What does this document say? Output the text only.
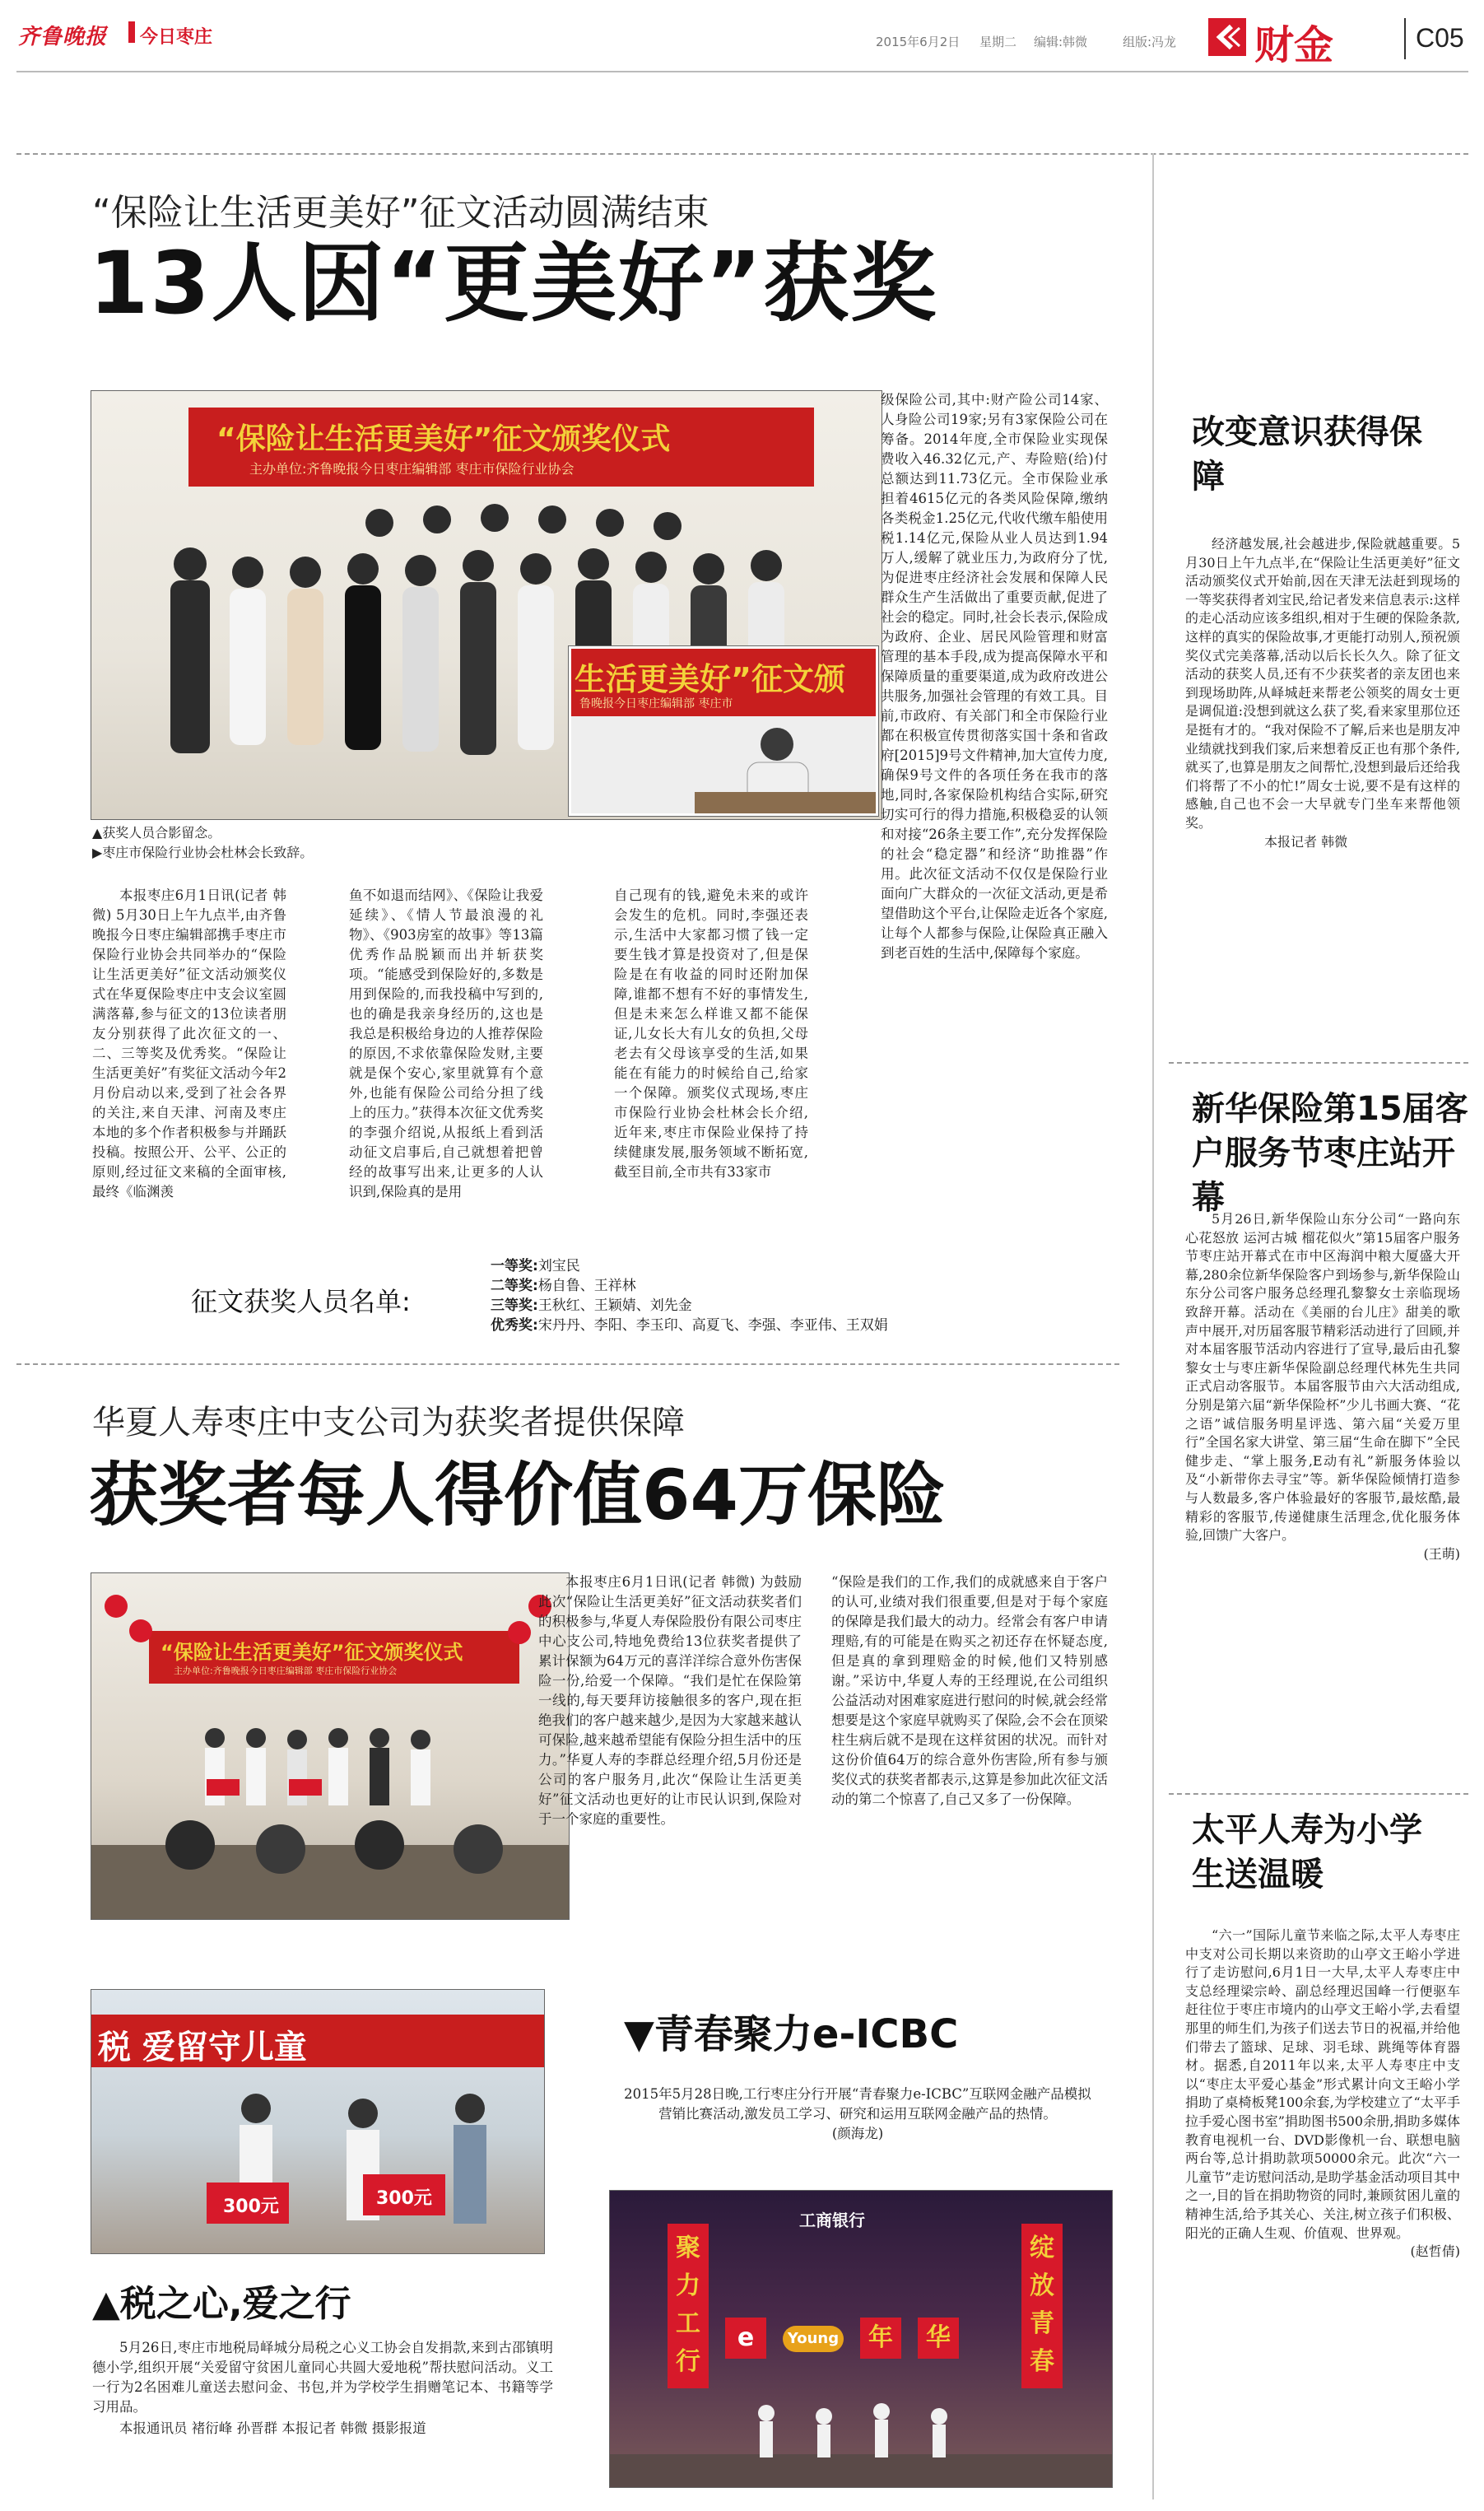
齐鲁晚报 今日枣庄	2015年6月2日 星期二 编辑:韩微	组版:冯龙 财金	C05
“保险让生活更美好”征文活动圆满结束
13人因“更美好”获奖
“保险让生活更美好”征文颁奖仪式
主办单位:齐鲁晚报今日枣庄编辑部 枣庄市保险行业协会
生活更美好”征文颁
鲁晚报今日枣庄编辑部 枣庄市
▲获奖人员合影留念。
▶枣庄市保险行业协会杜林会长致辞。

本报枣庄6月1日讯(记者 韩微) 5月30日上午九点半,由齐鲁晚报今日枣庄编辑部携手枣庄市保险行业协会共同举办的“保险让生活更美好”征文活动颁奖仪式在华夏保险枣庄中支会议室圆满落幕,参与征文的13位读者朋友分别获得了此次征文的一、二、三等奖及优秀奖。“保险让生活更美好”有奖征文活动今年2月份启动以来,受到了社会各界的关注,来自天津、河南及枣庄本地的多个作者积极参与并踊跃投稿。按照公开、公平、公正的原则,经过征文来稿的全面审核,最终《临渊羡

鱼不如退而结网》、《保险让我爱延续》、《情人节最浪漫的礼物》、《903房室的故事》等13篇优秀作品脱颖而出并斩获奖项。“能感受到保险好的,多数是用到保险的,而我投稿中写到的,也的确是我亲身经历的,这也是我总是积极给身边的人推荐保险的原因,不求依靠保险发财,主要就是保个安心,家里就算有个意外,也能有保险公司给分担了线上的压力。”获得本次征文优秀奖的李强介绍说,从报纸上看到活动征文启事后,自己就想着把曾经的故事写出来,让更多的人认识到,保险真的是用

自己现有的钱,避免未来的或许会发生的危机。同时,李强还表示,生活中大家都习惯了钱一定要生钱才算是投资对了,但是保险是在有收益的同时还附加保障,谁都不想有不好的事情发生,但是未来怎么样谁又都不能保证,儿女长大有儿女的负担,父母老去有父母该享受的生活,如果能在有能力的时候给自己,给家一个保障。颁奖仪式现场,枣庄市保险行业协会杜林会长介绍,近年来,枣庄市保险业保持了持续健康发展,服务领域不断拓宽,截至目前,全市共有33家市

级保险公司,其中:财产险公司14家、人身险公司19家;另有3家保险公司在筹备。2014年度,全市保险业实现保费收入46.32亿元,产、寿险赔(给)付总额达到11.73亿元。全市保险业承担着4615亿元的各类风险保障,缴纳各类税金1.25亿元,代收代缴车船使用税1.14亿元,保险从业人员达到1.94万人,缓解了就业压力,为政府分了忧,为促进枣庄经济社会发展和保障人民群众生产生活做出了重要贡献,促进了社会的稳定。同时,社会长表示,保险成为政府、企业、居民风险管理和财富管理的基本手段,成为提高保障水平和保障质量的重要渠道,成为政府改进公共服务,加强社会管理的有效工具。目前,市政府、有关部门和全市保险行业都在积极宣传贯彻落实国十条和省政府[2015]9号文件精神,加大宣传力度,确保9号文件的各项任务在我市的落地,同时,各家保险机构结合实际,研究切实可行的得力措施,积极稳妥的认领和对接“26条主要工作”,充分发挥保险的社会“稳定器”和经济“助推器”作用。此次征文活动不仅仅是保险行业面向广大群众的一次征文活动,更是希望借助这个平台,让保险走近各个家庭,让每个人都参与保险,让保险真正融入到老百姓的生活中,保障每个家庭。

征文获奖人员名单:
一等奖:刘宝民
二等奖:杨自鲁、王祥林
三等奖:王秋红、王颖婧、刘先金
优秀奖:宋丹丹、李阳、李玉印、高夏飞、李强、李亚伟、王双娟
华夏人寿枣庄中支公司为获奖者提供保障
获奖者每人得价值64万保险
“保险让生活更美好”征文颁奖仪式
主办单位:齐鲁晚报今日枣庄编辑部 枣庄市保险行业协会

本报枣庄6月1日讯(记者 韩微) 为鼓励此次“保险让生活更美好”征文活动获奖者们的积极参与,华夏人寿保险股份有限公司枣庄中心支公司,特地免费给13位获奖者提供了累计保额为64万元的喜洋洋综合意外伤害保险一份,给爱一个保障。“我们是忙在保险第一线的,每天要拜访接触很多的客户,现在拒绝我们的客户越来越少,是因为大家越来越认可保险,越来越希望能有保险分担生活中的压力。”华夏人寿的李群总经理介绍,5月份还是公司的客户服务月,此次“保险让生活更美好”征文活动也更好的让市民认识到,保险对于一个家庭的重要性。

“保险是我们的工作,我们的成就感来自于客户的认可,业绩对我们很重要,但是对于每个家庭的保障是我们最大的动力。经常会有客户申请理赔,有的可能是在购买之初还存在怀疑态度,但是真的拿到理赔金的时候,他们又特别感谢。”采访中,华夏人寿的王经理说,在公司组织公益活动对困难家庭进行慰问的时候,就会经常想要是这个家庭早就购买了保险,会不会在顶梁柱生病后就不是现在这样贫困的状况。而针对这份价值64万的综合意外伤害险,所有参与颁奖仪式的获奖者都表示,这算是参加此次征文活动的第二个惊喜了,自己又多了一份保障。

税 爱留守儿童
300元	300元
▲税之心,爱之行

5月26日,枣庄市地税局峄城分局税之心义工协会自发捐款,来到古邵镇明德小学,组织开展“关爱留守贫困儿童同心共圆大爱地税”帮扶慰问活动。义工一行为2名困难儿童送去慰问金、书包,并为学校学生捐赠笔记本、书籍等学习用品。

本报通讯员 褚衍峰 孙晋群 本报记者 韩微 摄影报道

▼青春聚力e-ICBC

2015年5月28日晚,工行枣庄分行开展“青春聚力e-ICBC”互联网金融产品模拟营销比赛活动,激发员工学习、研究和运用互联网金融产品的热情。

(颜海龙)

工商银行
聚
力
工
行
e	Young	年	华
绽
放
青
春
改变意识获得保障

经济越发展,社会越进步,保险就越重要。5月30日上午九点半,在“保险让生活更美好”征文活动颁奖仪式开始前,因在天津无法赶到现场的一等奖获得者刘宝民,给记者发来信息表示:这样的走心活动应该多组织,相对于生硬的保险条款,这样的真实的保险故事,才更能打动别人,预祝颁奖仪式完美落幕,活动以后长长久久。除了征文活动的获奖人员,还有不少获奖者的亲友团也来到现场助阵,从峄城赶来帮老公领奖的周女士更是调侃道:没想到就这么获了奖,看来家里那位还是挺有才的。“我对保险不了解,后来也是朋友冲业绩就找到我们家,后来想着反正也有那个条件,就买了,也算是朋友之间帮忙,没想到最后还给我们将帮了不小的忙!”周女士说,要不是有这样的感触,自己也不会一大早就专门坐车来帮他领奖。

本报记者 韩微

新华保险第15届客户服务节枣庄站开幕

5月26日,新华保险山东分公司“一路向东 心花怒放 运河古城 榴花似火”第15届客户服务节枣庄站开幕式在市中区海润中粮大厦盛大开幕,280余位新华保险客户到场参与,新华保险山东分公司客户服务总经理孔黎黎女士亲临现场致辞开幕。活动在《美丽的台儿庄》甜美的歌声中展开,对历届客服节精彩活动进行了回顾,并对本届客服节活动内容进行了宣导,最后由孔黎黎女士与枣庄新华保险副总经理代林先生共同正式启动客服节。本届客服节由六大活动组成,分别是第六届“新华保险杯”少儿书画大赛、“花之语”诚信服务明星评选、第六届“关爱万里行”全国名家大讲堂、第三届“生命在脚下”全民健步走、“掌上服务,E动有礼”新服务体验以及“小新带你去寻宝”等。新华保险倾情打造参与人数最多,客户体验最好的客服节,最炫酷,最精彩的客服节,传递健康生活理念,优化服务体验,回馈广大客户。

(王萌)

太平人寿为小学生送温暖

“六一”国际儿童节来临之际,太平人寿枣庄中支对公司长期以来资助的山亭文王峪小学进行了走访慰问,6月1日一大早,太平人寿枣庄中支总经理梁宗岭、副总经理迟国峰一行便驱车赶往位于枣庄市境内的山亭文王峪小学,去看望那里的师生们,为孩子们送去节日的祝福,并给他们带去了篮球、足球、羽毛球、跳绳等体育器材。据悉,自2011年以来,太平人寿枣庄中支以“枣庄太平爱心基金”形式累计向文王峪小学捐助了桌椅板凳100余套,为学校建立了“太平手拉手爱心图书室”捐助图书500余册,捐助多媒体教育电视机一台、DVD影像机一台、联想电脑两台等,总计捐助款项50000余元。此次“六一儿童节”走访慰问活动,是助学基金活动项目其中之一,目的旨在捐助物资的同时,兼顾贫困儿童的精神生活,给予其关心、关注,树立孩子们积极、阳光的正确人生观、价值观、世界观。

(赵哲倩)
